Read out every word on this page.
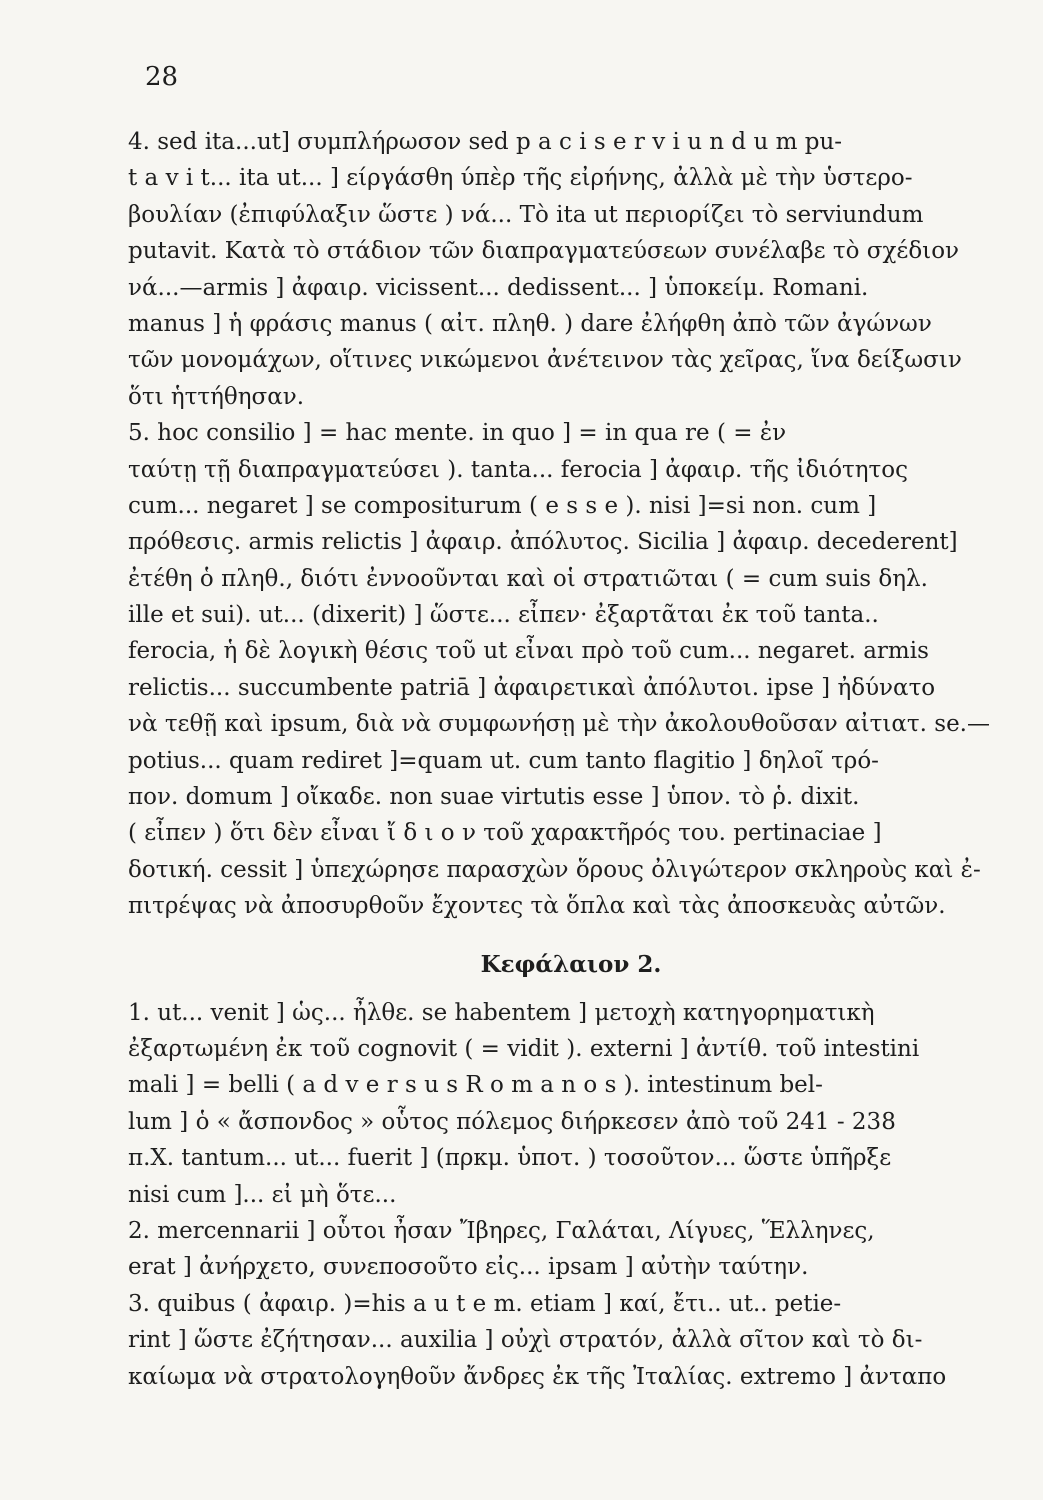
28
4. sed ita...ut] συμπλήρωσον sed p a c i s e r v i u n d u m pu-
t a v i t... ita ut... ] είργάσθη ύπὲρ τῆς εἰρήνης, ἀλλὰ μὲ τὴν ὑστερο-
βουλίαν (ἐπιφύλαξιν ὥστε ) νά... Τὸ ita ut περιορίζει τὸ serviundum
putavit. Κατὰ τὸ στάδιον τῶν διαπραγματεύσεων συνέλαβε τὸ σχέδιον
νά...—armis ] ἀφαιρ. vicissent... dedissent... ] ὑποκείμ. Romani.
manus ] ἡ φράσις manus ( αἰτ. πληθ. ) dare ἐλήφθη ἀπὸ τῶν ἀγώνων
τῶν μονομάχων, οἵτινες νικώμενοι ἀνέτεινον τὰς χεῖρας, ἵνα δείξωσιν
ὅτι ἡττήθησαν.
5. hoc consilio ] = hac mente. in quo ] = in qua re ( = ἐν
ταύτῃ τῇ διαπραγματεύσει ). tanta... ferocia ] ἀφαιρ. τῆς ἰδιότητος
cum... negaret ] se compositurum ( e s s e ). nisi ]=si non. cum ]
πρόθεσις. armis relictis ] ἀφαιρ. ἀπόλυτος. Sicilia ] ἀφαιρ. decederent]
ἐτέθη ὁ πληθ., διότι ἐννοοῦνται καὶ οἱ στρατιῶται ( = cum suis δηλ.
ille et sui). ut... (dixerit) ] ὥστε... εἶπεν· ἐξαρτᾶται ἐκ τοῦ tanta..
ferocia, ἡ δὲ λογικὴ θέσις τοῦ ut εἶναι πρὸ τοῦ cum... negaret. armis
relictis... succumbente patriā ] ἀφαιρετικαὶ ἀπόλυτοι. ipse ] ἠδύνατο
νὰ τεθῇ καὶ ipsum, διὰ νὰ συμφωνήσῃ μὲ τὴν ἀκολουθοῦσαν αἰτιατ. se.—
potius... quam rediret ]=quam ut. cum tanto flagitio ] δηλοῖ τρό-
πον. domum ] οἴκαδε. non suae virtutis esse ] ὑπον. τὸ ῥ. dixit.
( εἶπεν ) ὅτι δὲν εἶναι ἴ δ ι ο ν τοῦ χαρακτῆρός του. pertinaciae ]
δοτική. cessit ] ὑπεχώρησε παρασχὼν ὅρους ὀλιγώτερον σκληροὺς καὶ ἐ-
πιτρέψας νὰ ἀποσυρθοῦν ἔχοντες τὰ ὅπλα καὶ τὰς ἀποσκευὰς αὐτῶν.
Κεφάλαιον 2.
1. ut... venit ] ὡς... ἦλθε. se habentem ] μετοχὴ κατηγορηματικὴ
ἐξαρτωμένη ἐκ τοῦ cognovit ( = vidit ). externi ] ἀντίθ. τοῦ intestini
mali ] = belli ( a d v e r s u s R o m a n o s ). intestinum bel-
lum ] ὁ « ἄσπονδος » οὗτος πόλεμος διήρκεσεν ἀπὸ τοῦ 241 - 238
π.Χ. tantum... ut... fuerit ] (πρκμ. ὑποτ. ) τοσοῦτον... ὥστε ὑπῆρξε
nisi cum ]... εἰ μὴ ὅτε...
2. mercennarii ] οὗτοι ἦσαν Ἴβηρες, Γαλάται, Λίγυες, Ἕλληνες,
erat ] ἀνήρχετο, συνεποσοῦτο εἰς... ipsam ] αὐτὴν ταύτην.
3. quibus ( ἀφαιρ. )=his a u t e m. etiam ] καί, ἔτι.. ut.. petie-
rint ] ὥστε ἐζήτησαν... auxilia ] οὐχὶ στρατόν, ἀλλὰ σῖτον καὶ τὸ δι-
καίωμα νὰ στρατολογηθοῦν ἄνδρες ἐκ τῆς Ἰταλίας. extremo ] ἀνταπο
